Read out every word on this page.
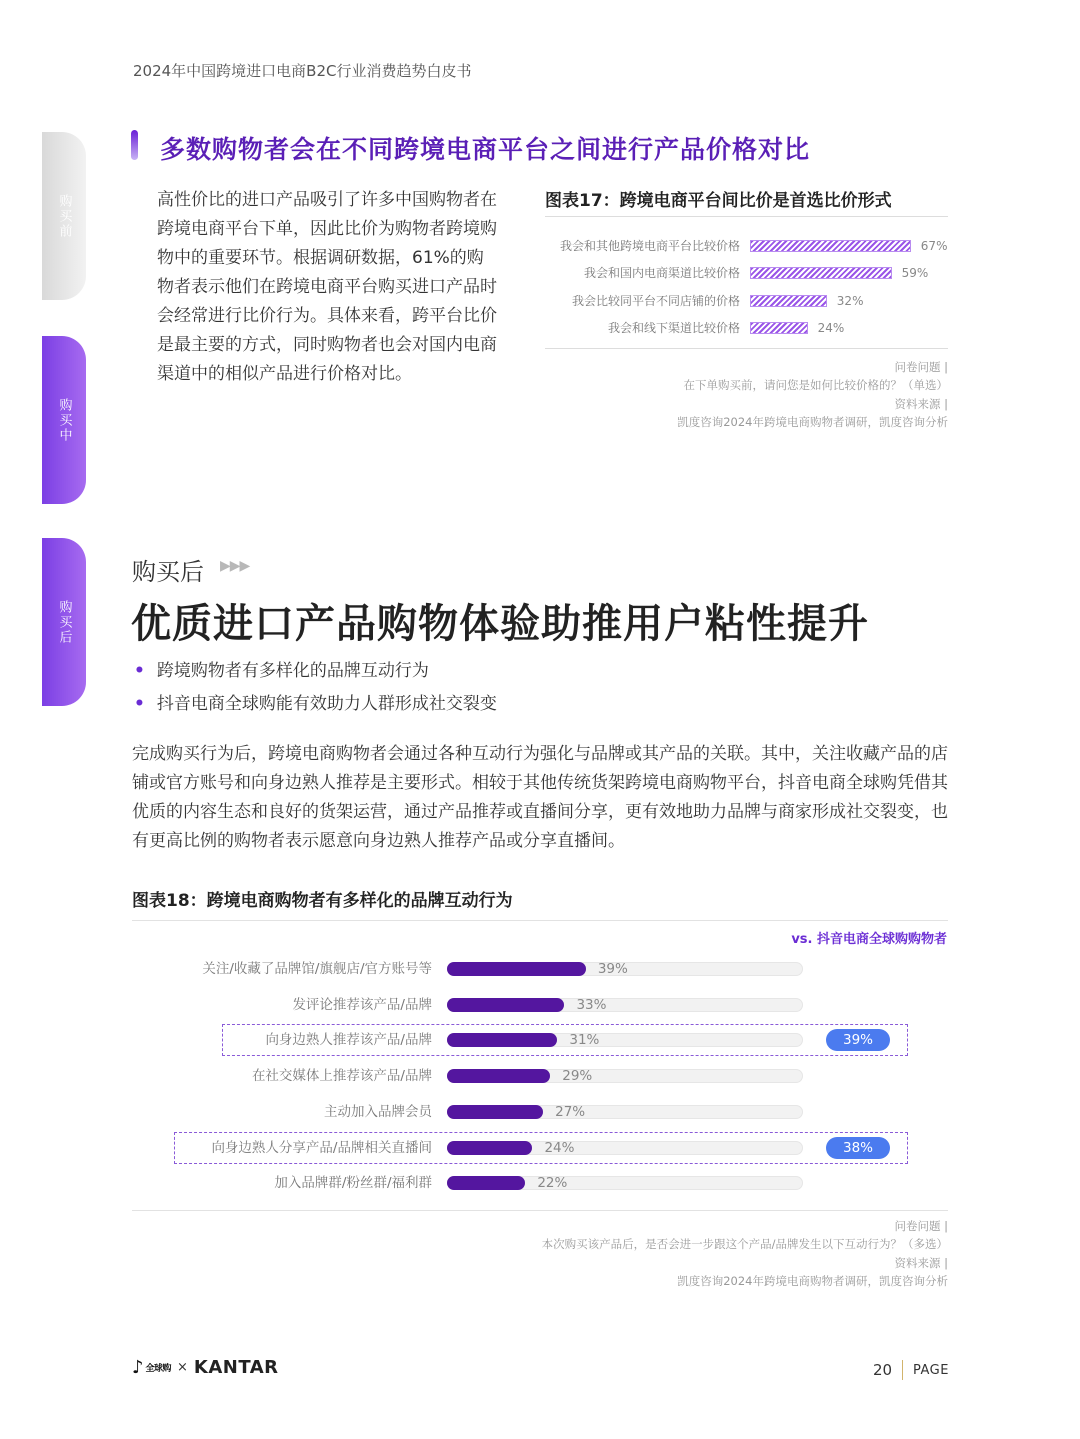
2024年中国跨境进口电商B2C行业消费趋势白皮书
购买前
购买中
购买后
多数购物者会在不同跨境电商平台之间进行产品价格对比
高性价比的进口产品吸引了许多中国购物者在跨境电商平台下单，因此比价为购物者跨境购物中的重要环节。根据调研数据，61%的购物者表示他们在跨境电商平台购买进口产品时会经常进行比价行为。具体来看，跨平台比价是最主要的方式，同时购物者也会对国内电商渠道中的相似产品进行价格对比。
图表17：跨境电商平台间比价是首选比价形式
我会和其他跨境电商平台比较价格	67%
我会和国内电商渠道比较价格	59%
我会比较同平台不同店铺的价格	32%
我会和线下渠道比较价格	24%
问卷问题 |
在下单购买前，请问您是如何比较价格的？（单选）
资料来源 |
凯度咨询2024年跨境电商购物者调研，凯度咨询分析
购买后 ▶▶▶
优质进口产品购物体验助推用户粘性提升
• 跨境购物者有多样化的品牌互动行为
• 抖音电商全球购能有效助力人群形成社交裂变
完成购买行为后，跨境电商购物者会通过各种互动行为强化与品牌或其产品的关联。其中，关注收藏产品的店铺或官方账号和向身边熟人推荐是主要形式。相较于其他传统货架跨境电商购物平台，抖音电商全球购凭借其优质的内容生态和良好的货架运营，通过产品推荐或直播间分享，更有效地助力品牌与商家形成社交裂变，也有更高比例的购物者表示愿意向身边熟人推荐产品或分享直播间。
图表18：跨境电商购物者有多样化的品牌互动行为
vs. 抖音电商全球购购物者
关注/收藏了品牌馆/旗舰店/官方账号等	39%
发评论推荐该产品/品牌	33%
向身边熟人推荐该产品/品牌	31%	39%
在社交媒体上推荐该产品/品牌	29%
主动加入品牌会员	27%
向身边熟人分享产品/品牌相关直播间	24%	38%
加入品牌群/粉丝群/福利群	22%
问卷问题 |
本次购买该产品后，是否会进一步跟这个产品/品牌发生以下互动行为？（多选）
资料来源 |
凯度咨询2024年跨境电商购物者调研，凯度咨询分析
♪ 全球购 × KANTAR	20 PAGE
